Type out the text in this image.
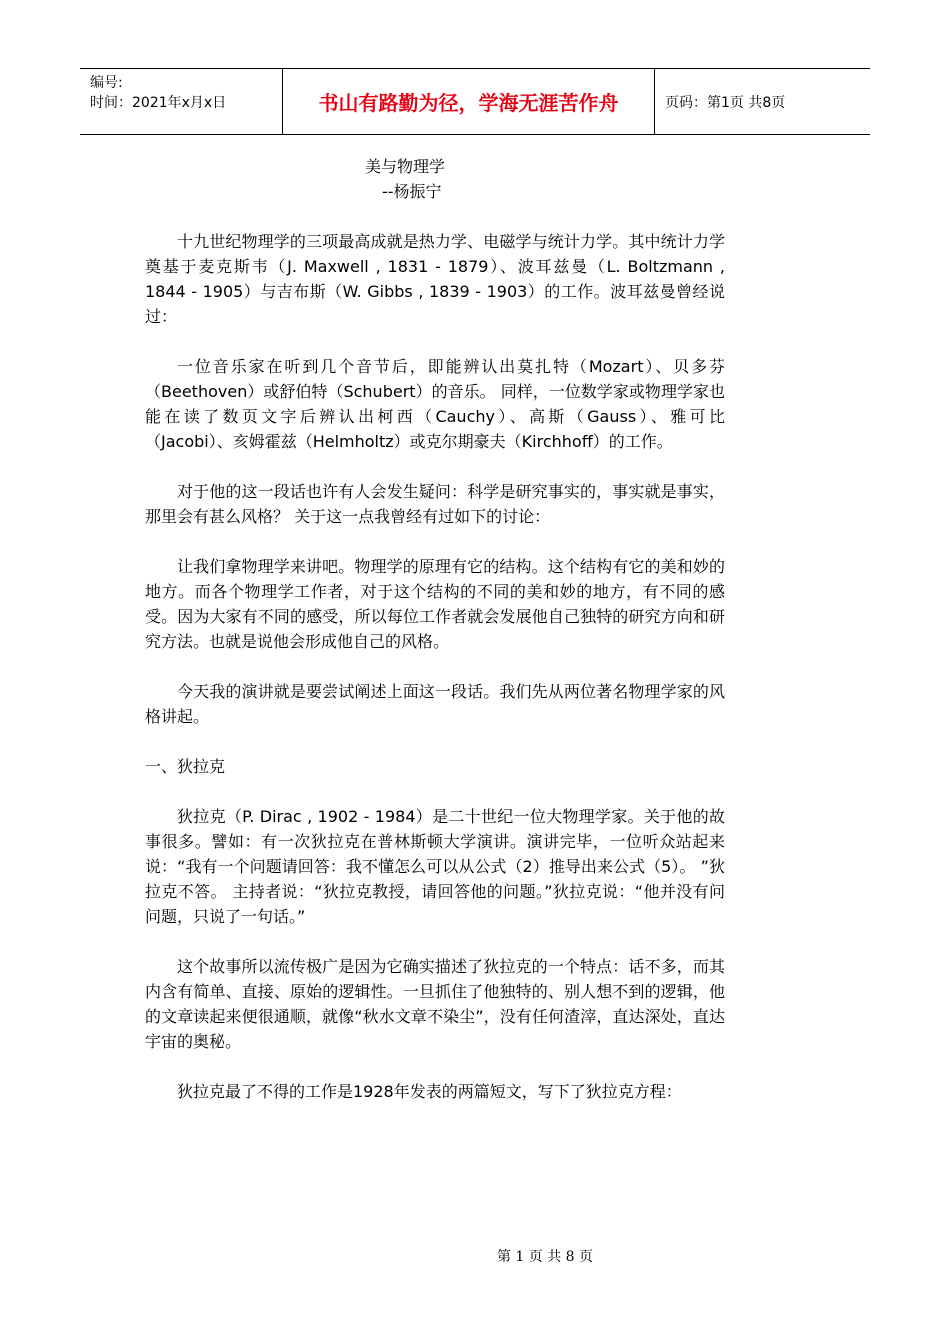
编号:
时间：2021年x月x日	书山有路勤为径，学海无涯苦作舟	页码：第1页 共8页
美与物理学
--杨振宁

十九世纪物理学的三项最高成就是热力学、电磁学与统计力学。其中统计力学奠基于麦克斯韦（J. Maxwell , 1831 - 1879）、波耳兹曼（L. Boltzmann , 1844 - 1905）与吉布斯（W. Gibbs , 1839 - 1903）的工作。波耳兹曼曾经说过：

一位音乐家在听到几个音节后，即能辨认出莫扎特（Mozart）、贝多芬（Beethoven）或舒伯特（Schubert）的音乐。 同样，一位数学家或物理学家也能在读了数页文字后辨认出柯西（Cauchy）、高斯（Gauss）、雅可比（Jacobi）、亥姆霍兹（Helmholtz）或克尔期豪夫（Kirchhoff）的工作。

对于他的这一段话也许有人会发生疑问：科学是研究事实的，事实就是事实， 那里会有甚么风格？ 关于这一点我曾经有过如下的讨论：

让我们拿物理学来讲吧。物理学的原理有它的结构。这个结构有它的美和妙的地方。而各个物理学工作者，对于这个结构的不同的美和妙的地方，有不同的感受。因为大家有不同的感受，所以每位工作者就会发展他自己独特的研究方向和研究方法。也就是说他会形成他自己的风格。

今天我的演讲就是要尝试阐述上面这一段话。我们先从两位著名物理学家的风格讲起。

一、狄拉克

狄拉克（P. Dirac , 1902 - 1984）是二十世纪一位大物理学家。关于他的故事很多。譬如：有一次狄拉克在普林斯顿大学演讲。演讲完毕，一位听众站起来说：“我有一个问题请回答：我不懂怎么可以从公式（2）推导出来公式（5）。 ”狄拉克不答。 主持者说：“狄拉克教授，请回答他的问题。”狄拉克说：“他并没有问问题，只说了一句话。”

这个故事所以流传极广是因为它确实描述了狄拉克的一个特点：话不多，而其内含有简单、直接、原始的逻辑性。一旦抓住了他独特的、别人想不到的逻辑，他的文章读起来便很通顺，就像“秋水文章不染尘”，没有任何渣滓，直达深处，直达宇宙的奥秘。

狄拉克最了不得的工作是1928年发表的两篇短文，写下了狄拉克方程：

第 1 页 共 8 页
